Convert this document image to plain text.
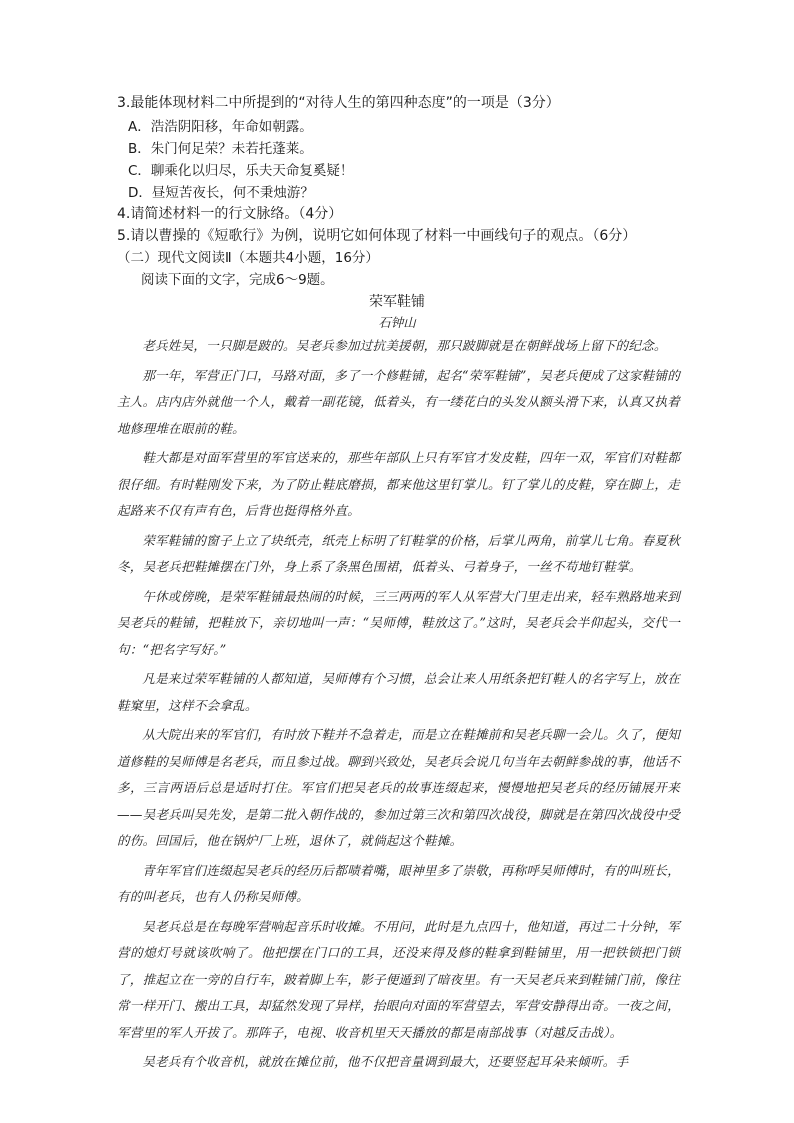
3.最能体现材料二中所提到的“对待人生的第四种态度”的一项是（3分）
A．浩浩阴阳移，年命如朝露。
B．朱门何足荣？未若托蓬莱。
C．聊乘化以归尽，乐夫天命复奚疑！
D．昼短苦夜长，何不秉烛游？
4.请简述材料一的行文脉络。（4分）
5.请以曹操的《短歌行》为例，说明它如何体现了材料一中画线句子的观点。（6分）
（二）现代文阅读Ⅱ（本题共4小题，16分）
阅读下面的文字，完成6～9题。
荣军鞋铺
石钟山

老兵姓吴，一只脚是跛的。吴老兵参加过抗美援朝，那只跛脚就是在朝鲜战场上留下的纪念。

那一年，军营正门口，马路对面，多了一个修鞋铺，起名“荣军鞋铺”，吴老兵便成了这家鞋铺的主人。店内店外就他一个人，戴着一副花镜，低着头，有一缕花白的头发从额头滑下来，认真又执着地修理堆在眼前的鞋。

鞋大都是对面军营里的军官送来的，那些年部队上只有军官才发皮鞋，四年一双，军官们对鞋都很仔细。有时鞋刚发下来，为了防止鞋底磨损，都来他这里钉掌儿。钉了掌儿的皮鞋，穿在脚上，走起路来不仅有声有色，后背也挺得格外直。

荣军鞋铺的窗子上立了块纸壳，纸壳上标明了钉鞋掌的价格，后掌儿两角，前掌儿七角。春夏秋冬，吴老兵把鞋摊摆在门外，身上系了条黑色围裙，低着头、弓着身子，一丝不苟地钉鞋掌。

午休或傍晚，是荣军鞋铺最热闹的时候，三三两两的军人从军营大门里走出来，轻车熟路地来到吴老兵的鞋铺，把鞋放下，亲切地叫一声：“吴师傅，鞋放这了。”这时，吴老兵会半仰起头，交代一句：“把名字写好。”

凡是来过荣军鞋铺的人都知道，吴师傅有个习惯，总会让来人用纸条把钉鞋人的名字写上，放在鞋窠里，这样不会拿乱。

从大院出来的军官们，有时放下鞋并不急着走，而是立在鞋摊前和吴老兵聊一会儿。久了，便知道修鞋的吴师傅是名老兵，而且参过战。聊到兴致处，吴老兵会说几句当年去朝鲜参战的事，他话不多，三言两语后总是适时打住。军官们把吴老兵的故事连缀起来，慢慢地把吴老兵的经历铺展开来——吴老兵叫吴先发，是第二批入朝作战的，参加过第三次和第四次战役，脚就是在第四次战役中受的伤。回国后，他在锅炉厂上班，退休了，就倘起这个鞋摊。

青年军官们连缀起吴老兵的经历后都啧着嘴，眼神里多了崇敬，再称呼吴师傅时，有的叫班长，有的叫老兵，也有人仍称吴师傅。

吴老兵总是在每晚军营响起音乐时收摊。不用问，此时是九点四十，他知道，再过二十分钟，军营的熄灯号就该吹响了。他把摆在门口的工具，还没来得及修的鞋拿到鞋铺里，用一把铁锁把门锁了，推起立在一旁的自行车，跛着脚上车，影子便遁到了暗夜里。有一天吴老兵来到鞋铺门前，像往常一样开门、搬出工具，却猛然发现了异样，抬眼向对面的军营望去，军营安静得出奇。一夜之间，军营里的军人开拔了。那阵子，电视、收音机里天天播放的都是南部战事（对越反击战）。

吴老兵有个收音机，就放在摊位前，他不仅把音量调到最大，还要竖起耳朵来倾听。手
